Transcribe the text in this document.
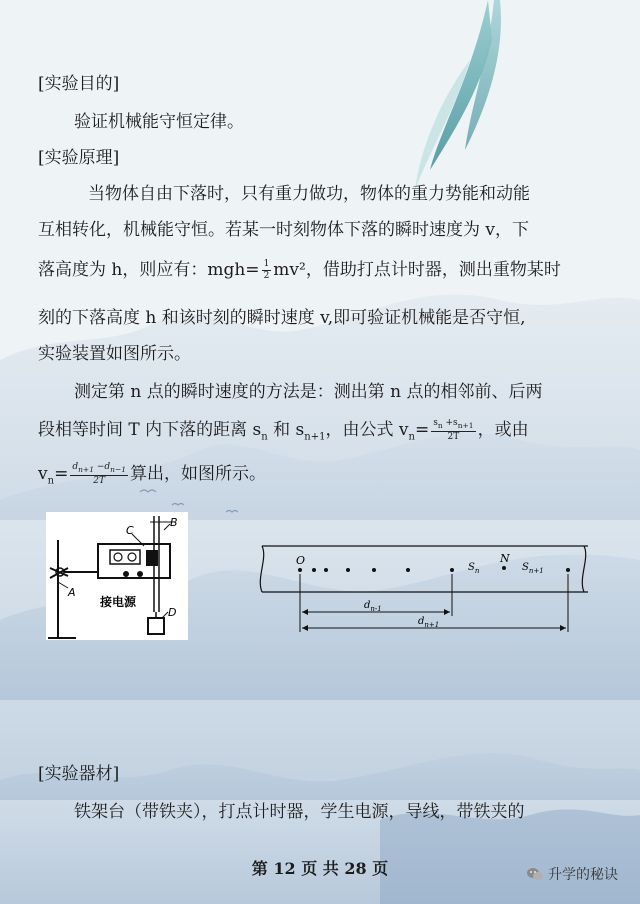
[实验目的]
验证机械能守恒定律。
[实验原理]
当物体自由下落时，只有重力做功，物体的重力势能和动能
互相转化，机械能守恒。若某一时刻物体下落的瞬时速度为 v，下
落高度为 h，则应有：$mgh= \frac{1}{2} mv^2$，借助打点计时器，测出重物某时
刻的下落高度 h 和该时刻的瞬时速度 v,即可验证机械能是否守恒,
实验装置如图所示。
测定第 n 点的瞬时速度的方法是：测出第 n 点的相邻前、后两
段相等时间 T 内下落的距离 $s_n$ 和 $s_{n+1}$，由公式 $v_n= \frac{s_n +s_{n+1}}{2T}$ ，或由
$v_n= \frac{d_{n+1} -d_{n-1}}{2T}$ 算出，如图所示。
C
B
A
D
接电源
O	N
$S_n$	$S_{n+1}$
$d_{n-1}$
$d_{n+1}$
[实验器材]
铁架台（带铁夹），打点计时器，学生电源，导线，带铁夹的
第 12 页 共 28 页	升学的秘诀
